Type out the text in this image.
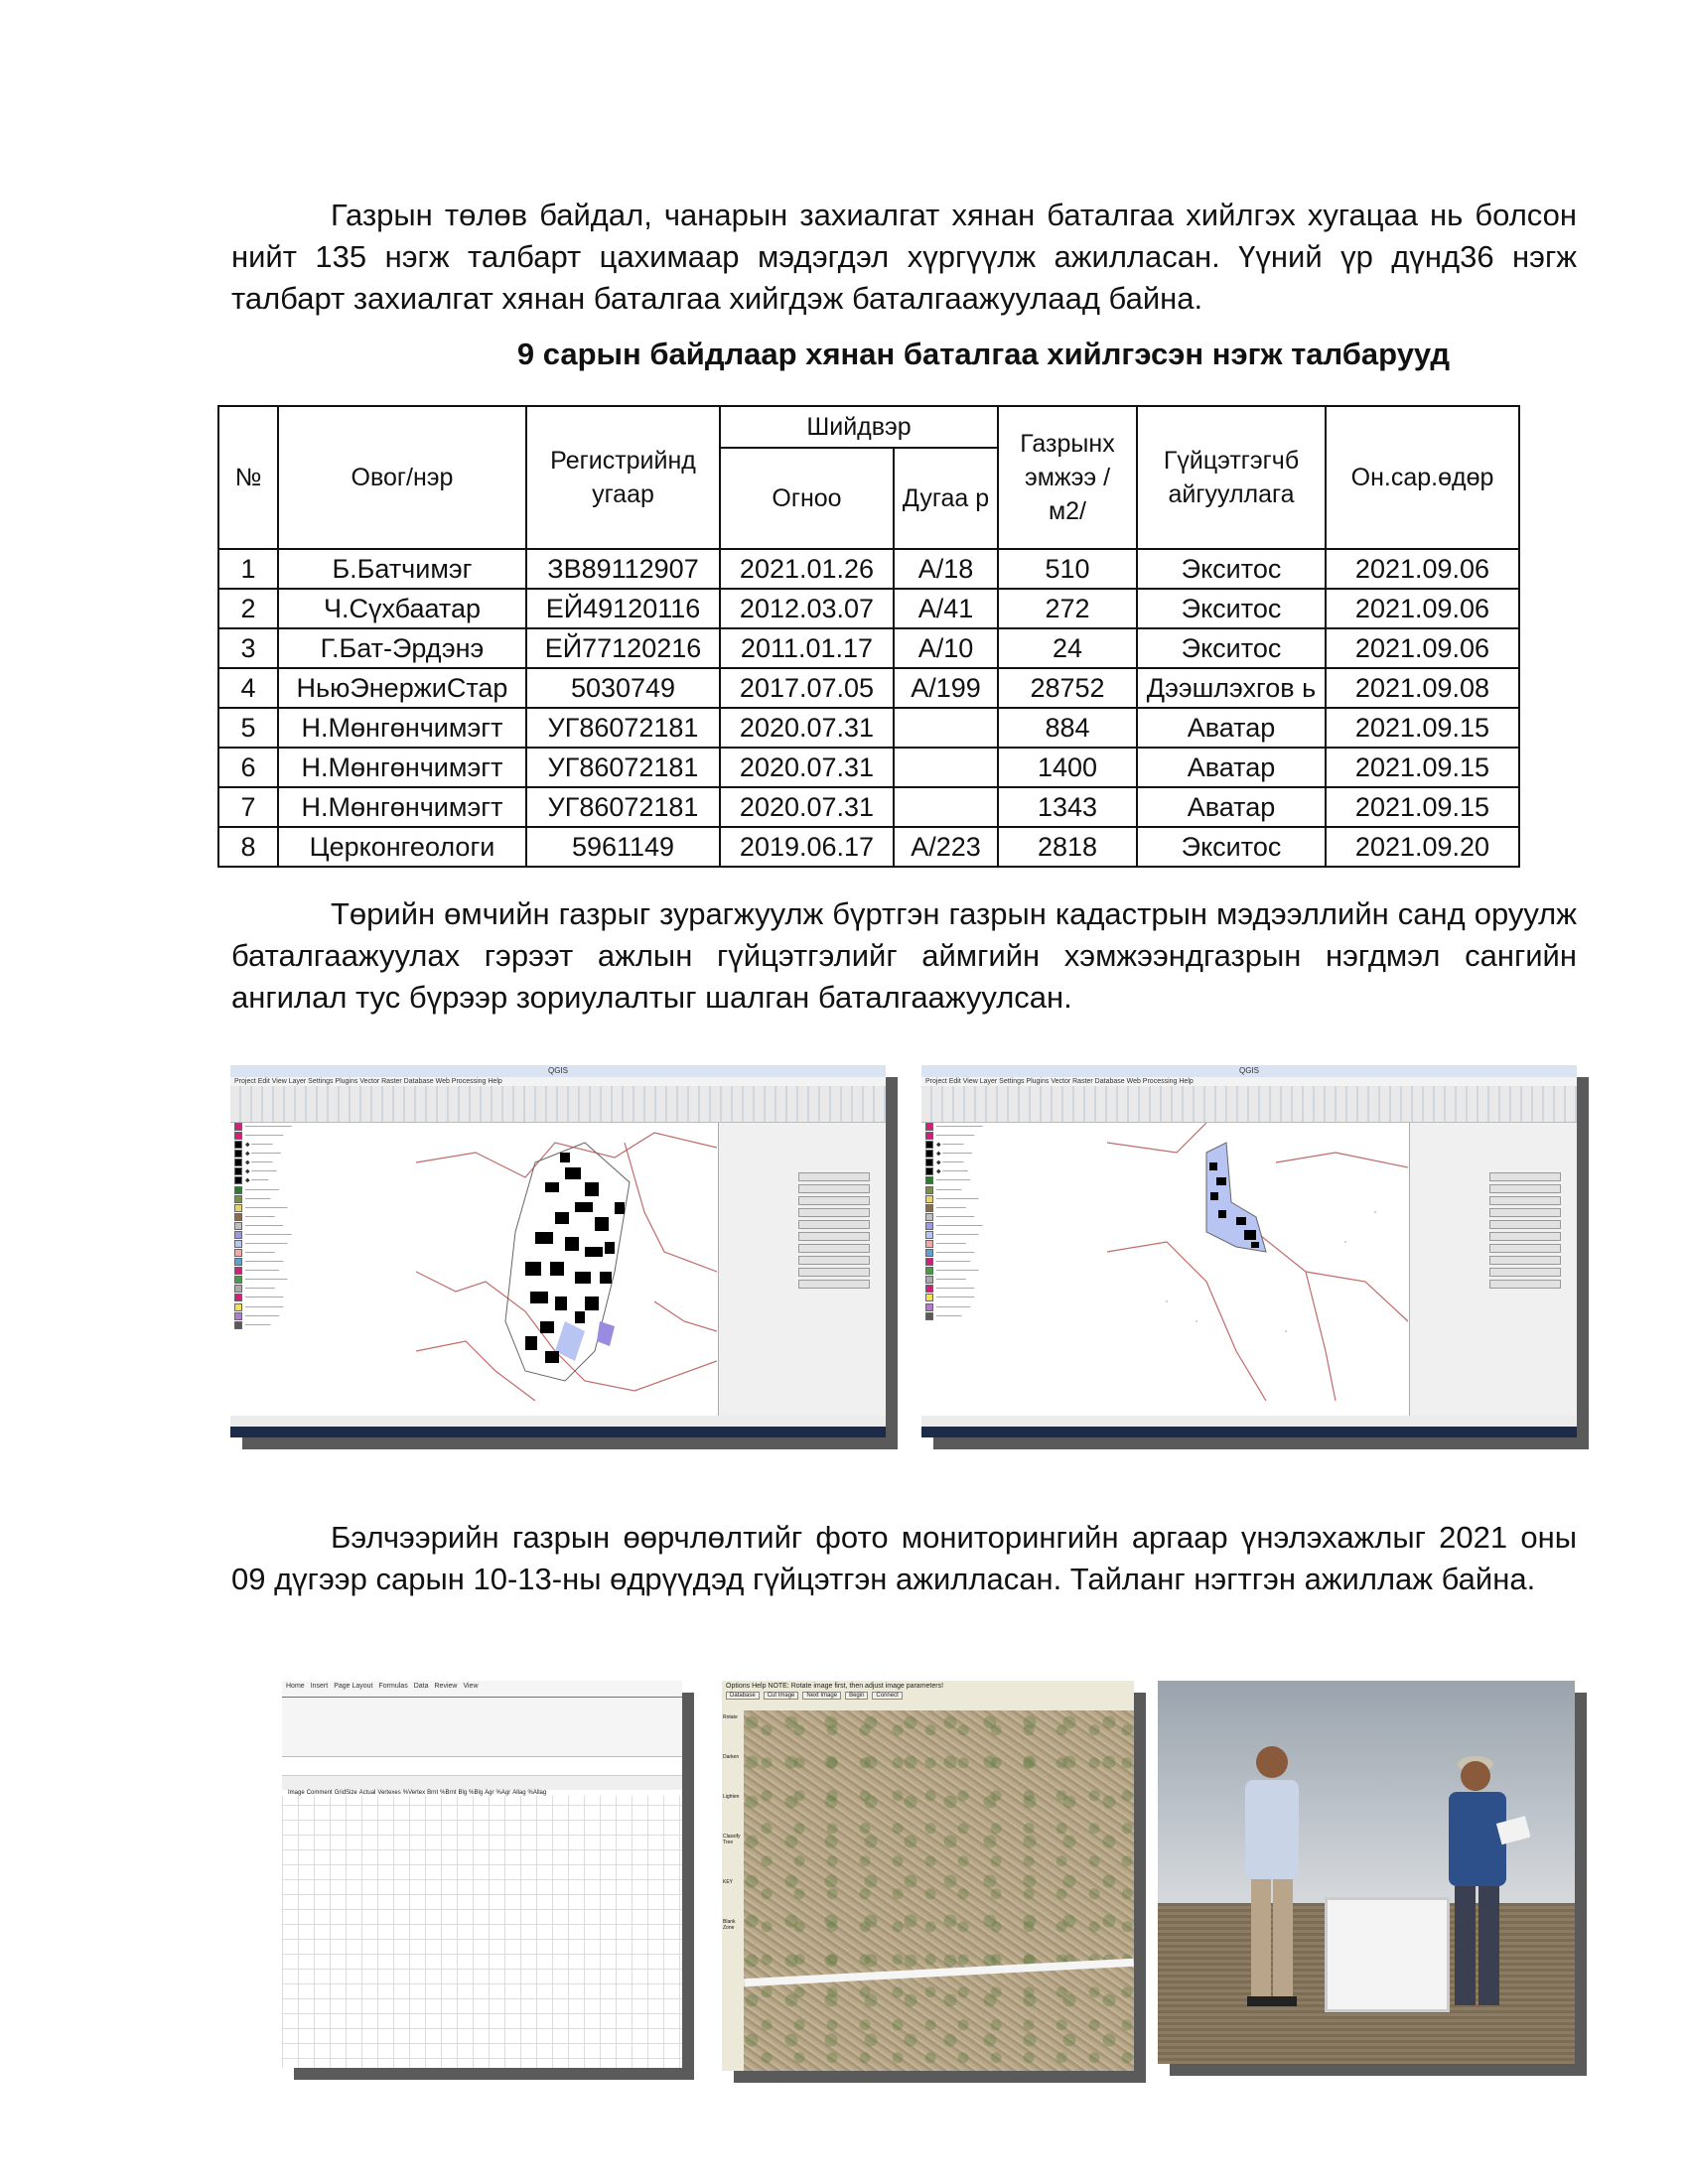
Газрын төлөв байдал, чанарын захиалгат хянан баталгаа хийлгэх хугацаа нь болсон нийт 135 нэгж талбарт цахимаар мэдэгдэл хүргүүлж ажилласан. Үүний үр дүнд36 нэгж талбарт захиалгат хянан баталгаа хийгдэж баталгаажуулаад байна.
9 сарын байдлаар хянан баталгаа хийлгэсэн нэгж талбарууд
№	Овог/нэр	Регистрийнд угаар	Шийдвэр		Газрынх эмжээ / м2/	Гүйцэтгэгчб айгууллага	Он.сар.өдөр
			Огноо	Дугаа р			
1	Б.Батчимэг	ЗВ89112907	2021.01.26	А/18	510	Экситос	2021.09.06
2	Ч.Сүхбаатар	ЕЙ49120116	2012.03.07	А/41	272	Экситос	2021.09.06
3	Г.Бат-Эрдэнэ	ЕЙ77120216	2011.01.17	А/10	24	Экситос	2021.09.06
4	НьюЭнержиСтар	5030749	2017.07.05	А/199	28752	Дээшлэхгов ь	2021.09.08
5	Н.Мөнгөнчимэгт	УГ86072181	2020.07.31		884	Аватар	2021.09.15
6	Н.Мөнгөнчимэгт	УГ86072181	2020.07.31		1400	Аватар	2021.09.15
7	Н.Мөнгөнчимэгт	УГ86072181	2020.07.31		1343	Аватар	2021.09.15
8	Церконгеологи	5961149	2019.06.17	А/223	2818	Экситос	2021.09.20
Төрийн өмчийн газрыг зурагжуулж бүртгэн газрын кадастрын мэдээллийн санд оруулж баталгаажуулах гэрээт ажлын гүйцэтгэлийг аймгийн хэмжээндгазрын нэгдмэл сангийн ангилал тус бүрээр зориулалтыг шалган баталгаажуулсан.
QGIS
Project Edit View Layer Settings Plugins Vector Raster Database Web Processing Help
───────────
─────────
◆ ─────
◆ ───────
◆ ─────
◆ ──────
◆ ────
────────
──────
──────────
───────
─────────
───────────
──────────
───────
─────────
────────
──────────
───────
─────────
─────────
────────
──────
QGIS
Project Edit View Layer Settings Plugins Vector Raster Database Web Processing Help
───────────
─────────
◆ ─────
◆ ───────
◆ ─────
◆ ──────
────────
──────
──────────
───────
─────────
───────────
──────────
───────
─────────
────────
──────────
───────
─────────
─────────
────────
──────
Бэлчээрийн газрын өөрчлөлтийг фото мониторингийн аргаар үнэлэхажлыг 2021 оны 09 дүгээр сарын 10-13-ны өдрүүдэд гүйцэтгэн ажилласан. Тайланг нэгтгэн ажиллаж байна.
Home Insert Page Layout Formulas Data Review View
Image Comment GridSize Actual Vertexes %Vertex Brnt %Brnt Blg %Blg Agr %Agr Allag %Allag
Options Help NOTE: Rotate image first, then adjust image parameters!
Database	Cut Image	Next Image	Begin	Connect
Rotate
Darken
Lighten
Classify Tree
KEY
Blank Zone
